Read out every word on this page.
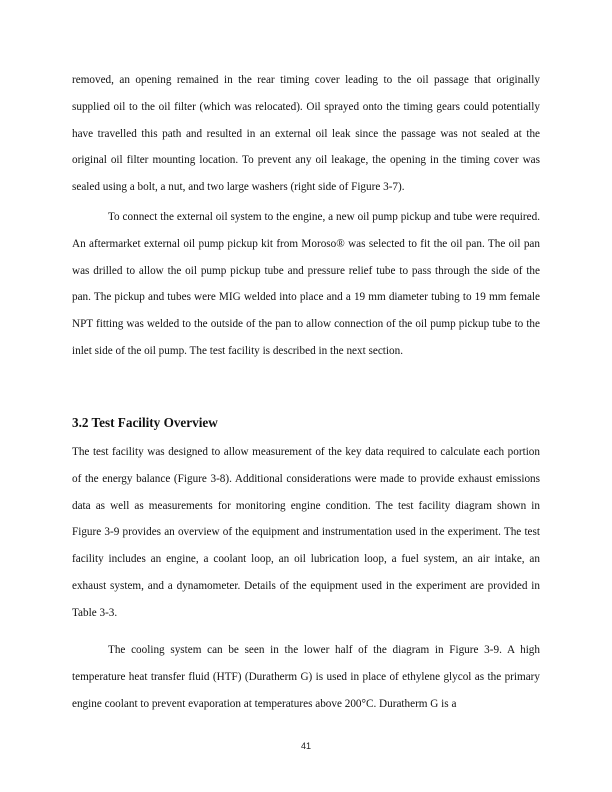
removed, an opening remained in the rear timing cover leading to the oil passage that originally supplied oil to the oil filter (which was relocated). Oil sprayed onto the timing gears could potentially have travelled this path and resulted in an external oil leak since the passage was not sealed at the original oil filter mounting location. To prevent any oil leakage, the opening in the timing cover was sealed using a bolt, a nut, and two large washers (right side of Figure 3-7).

To connect the external oil system to the engine, a new oil pump pickup and tube were required. An aftermarket external oil pump pickup kit from Moroso® was selected to fit the oil pan. The oil pan was drilled to allow the oil pump pickup tube and pressure relief tube to pass through the side of the pan. The pickup and tubes were MIG welded into place and a 19 mm diameter tubing to 19 mm female NPT fitting was welded to the outside of the pan to allow connection of the oil pump pickup tube to the inlet side of the oil pump. The test facility is described in the next section.

3.2 Test Facility Overview

The test facility was designed to allow measurement of the key data required to calculate each portion of the energy balance (Figure 3-8). Additional considerations were made to provide exhaust emissions data as well as measurements for monitoring engine condition. The test facility diagram shown in Figure 3-9 provides an overview of the equipment and instrumentation used in the experiment. The test facility includes an engine, a coolant loop, an oil lubrication loop, a fuel system, an air intake, an exhaust system, and a dynamometer. Details of the equipment used in the experiment are provided in Table 3-3.

The cooling system can be seen in the lower half of the diagram in Figure 3-9. A high temperature heat transfer fluid (HTF) (Duratherm G) is used in place of ethylene glycol as the primary engine coolant to prevent evaporation at temperatures above 200°C. Duratherm G is a

41
